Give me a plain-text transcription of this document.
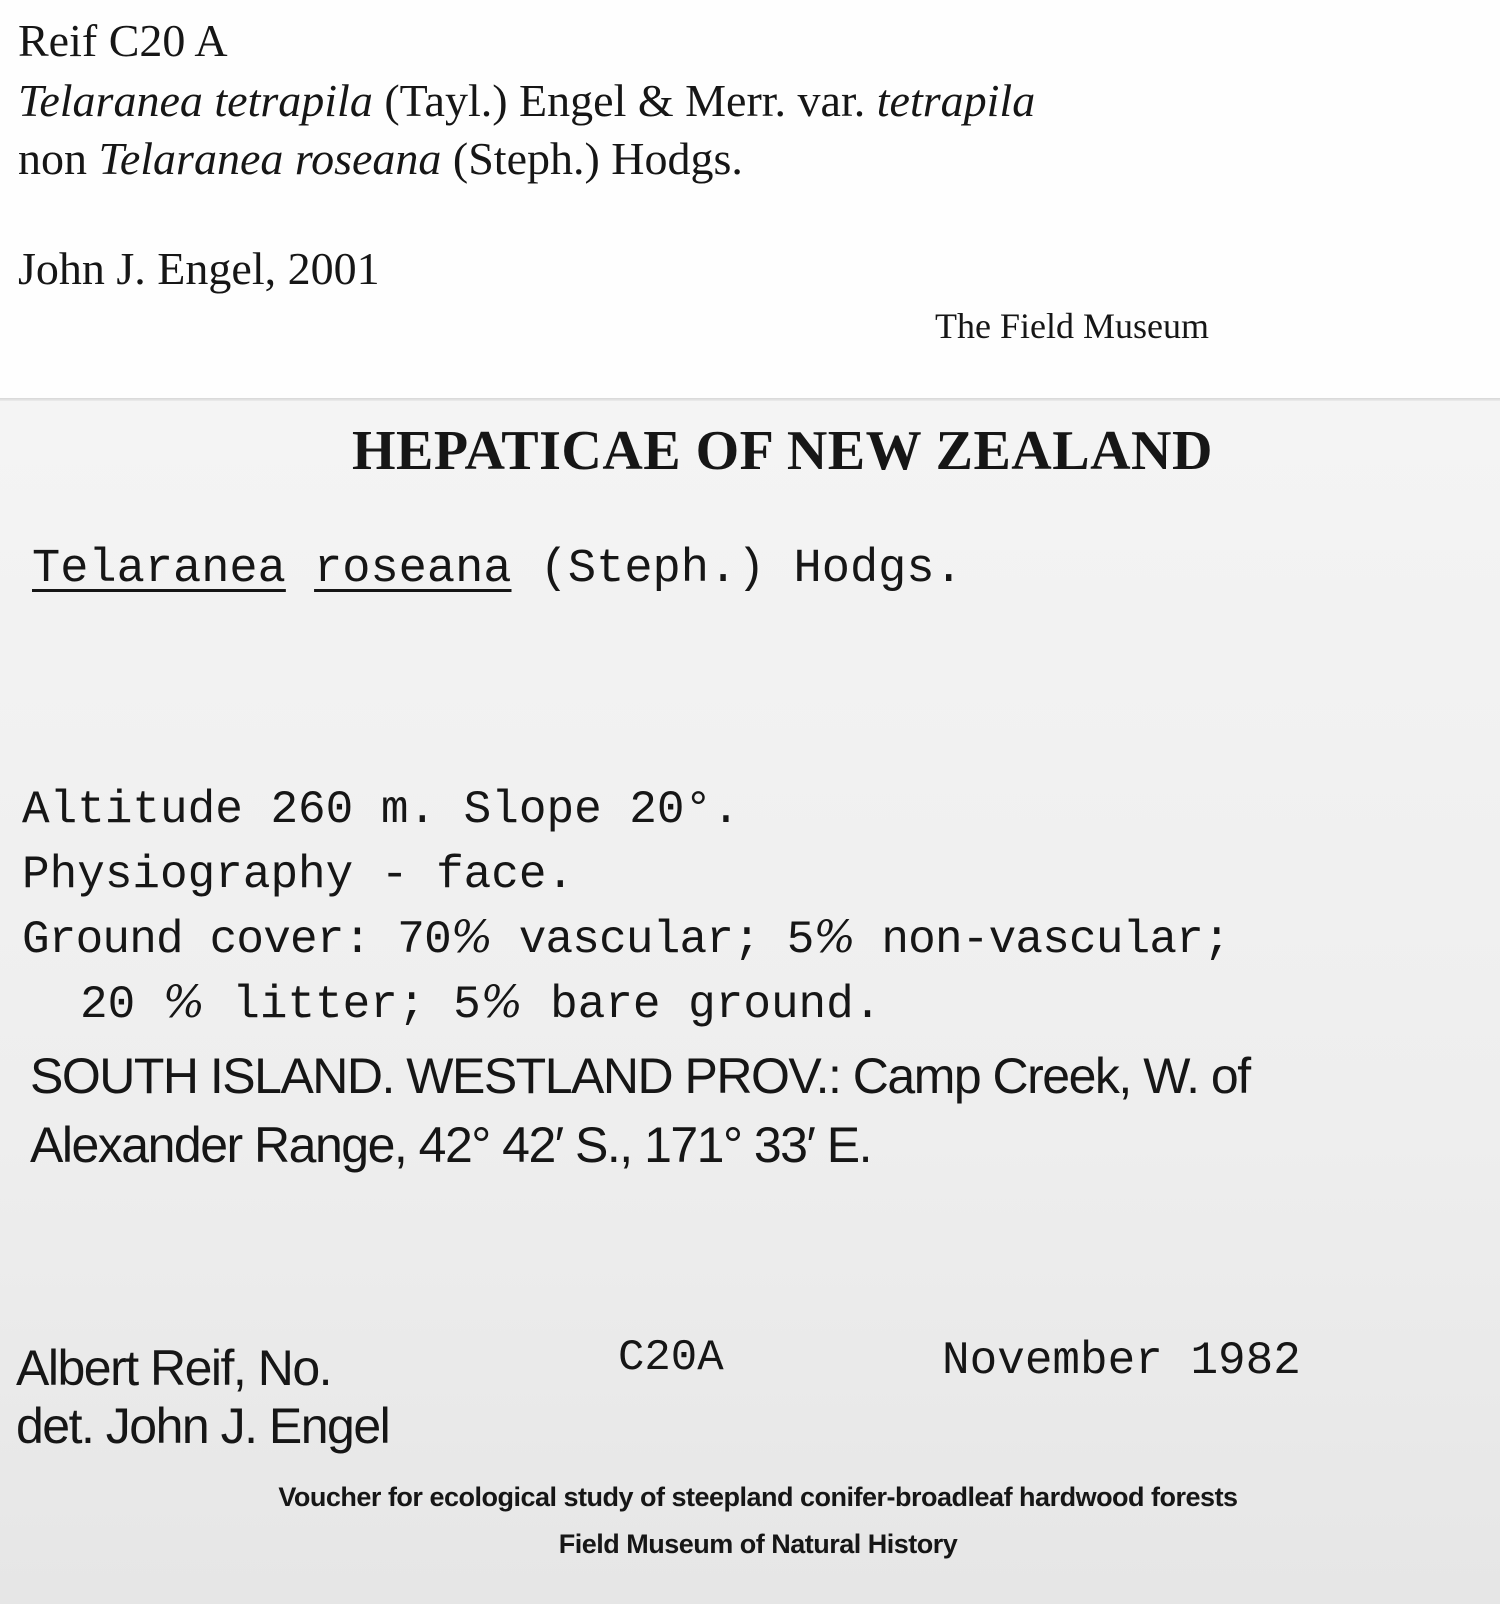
Reif C20 A
Telaranea tetrapila (Tayl.) Engel & Merr. var. tetrapila
non Telaranea roseana (Steph.) Hodgs.
John J. Engel, 2001
The Field Museum
HEPATICAE OF NEW ZEALAND
Telaranea roseana (Steph.) Hodgs.
Altitude 260 m. Slope 20°.
Physiography - face.
Ground cover: 70% vascular; 5% non-vascular;
20 % litter; 5% bare ground.
SOUTH ISLAND. WESTLAND PROV.: Camp Creek, W. of
Alexander Range, 42° 42′ S., 171° 33′ E.
Albert Reif, No.	C20A	November 1982
det. John J. Engel
Voucher for ecological study of steepland conifer-broadleaf hardwood forests
Field Museum of Natural History
